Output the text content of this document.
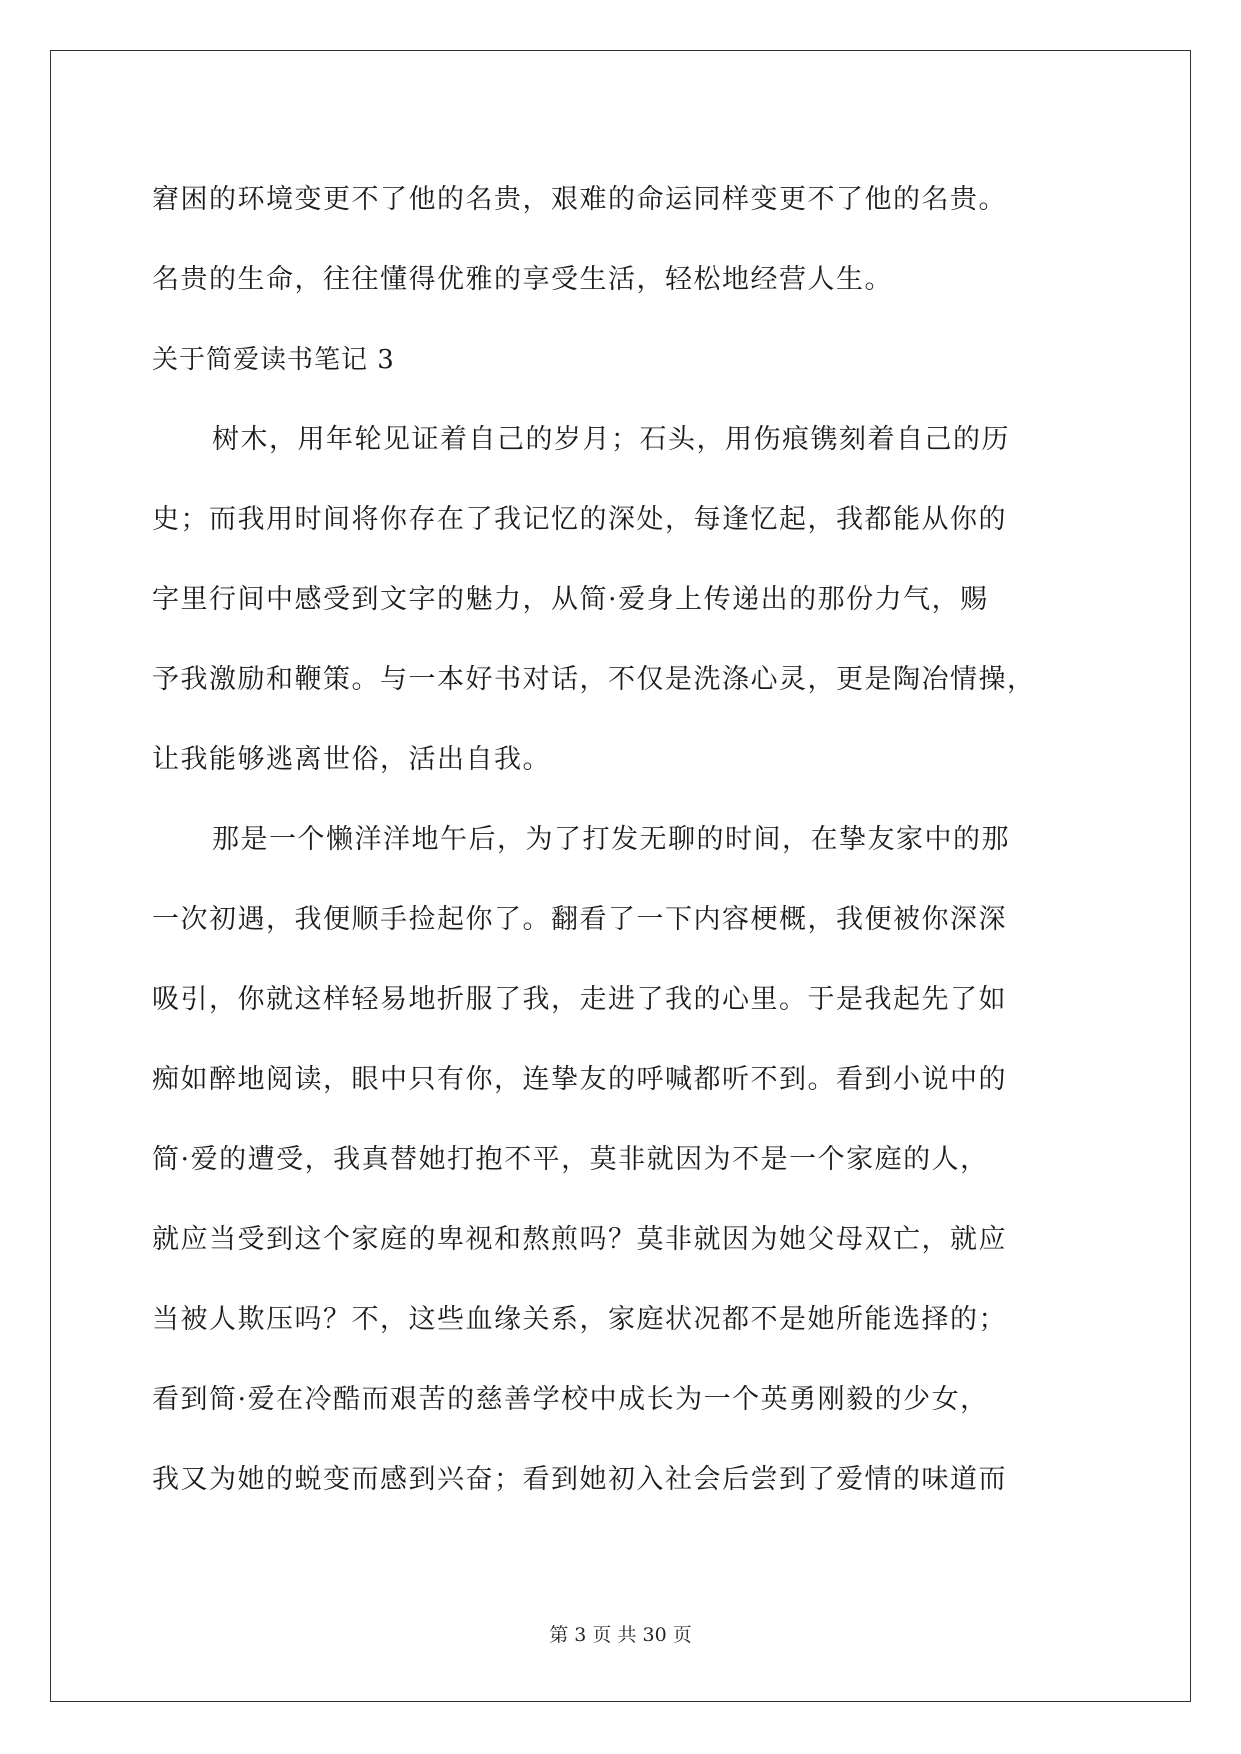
窘困的环境变更不了他的名贵，艰难的命运同样变更不了他的名贵。
名贵的生命，往往懂得优雅的享受生活，轻松地经营人生。
关于简爱读书笔记 3
树木，用年轮见证着自己的岁月；石头，用伤痕镌刻着自己的历
史；而我用时间将你存在了我记忆的深处，每逢忆起，我都能从你的
字里行间中感受到文字的魅力，从简·爱身上传递出的那份力气，赐
予我激励和鞭策。与一本好书对话，不仅是洗涤心灵，更是陶冶情操，
让我能够逃离世俗，活出自我。
那是一个懒洋洋地午后，为了打发无聊的时间，在挚友家中的那
一次初遇，我便顺手捡起你了。翻看了一下内容梗概，我便被你深深
吸引，你就这样轻易地折服了我，走进了我的心里。于是我起先了如
痴如醉地阅读，眼中只有你，连挚友的呼喊都听不到。看到小说中的
简·爱的遭受，我真替她打抱不平，莫非就因为不是一个家庭的人，
就应当受到这个家庭的卑视和熬煎吗？莫非就因为她父母双亡，就应
当被人欺压吗？不，这些血缘关系，家庭状况都不是她所能选择的；
看到简·爱在冷酷而艰苦的慈善学校中成长为一个英勇刚毅的少女，
我又为她的蜕变而感到兴奋；看到她初入社会后尝到了爱情的味道而
第 3 页 共 30 页
